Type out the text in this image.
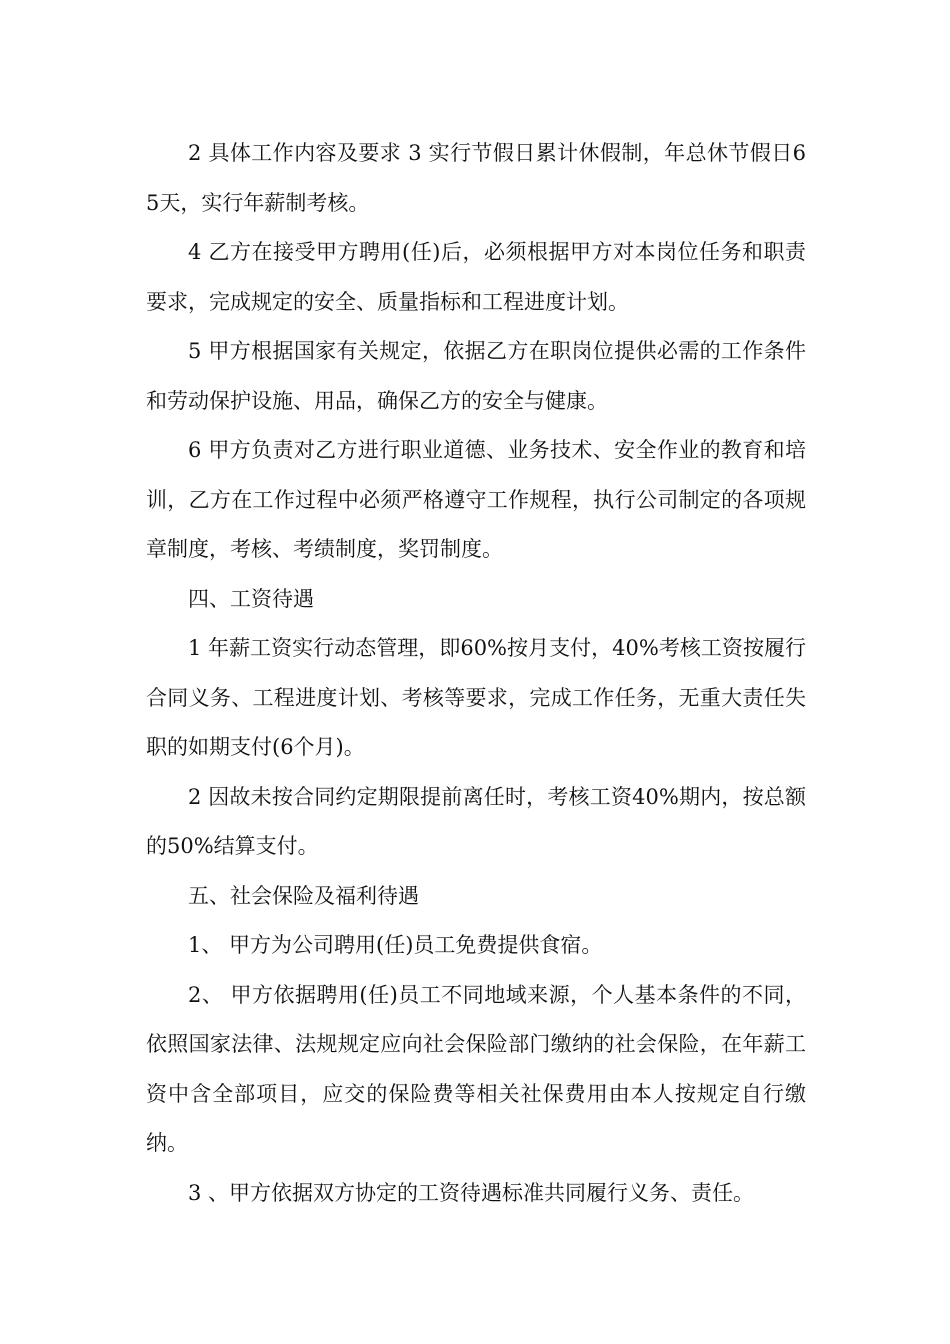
2 具体工作内容及要求 3 实行节假日累计休假制，年总休节假日65天，实行年薪制考核。

4 乙方在接受甲方聘用(任)后，必须根据甲方对本岗位任务和职责要求，完成规定的安全、质量指标和工程进度计划。

5 甲方根据国家有关规定，依据乙方在职岗位提供必需的工作条件和劳动保护设施、用品，确保乙方的安全与健康。

6 甲方负责对乙方进行职业道德、业务技术、安全作业的教育和培训，乙方在工作过程中必须严格遵守工作规程，执行公司制定的各项规章制度，考核、考绩制度，奖罚制度。

四、工资待遇

1 年薪工资实行动态管理，即60%按月支付，40%考核工资按履行合同义务、工程进度计划、考核等要求，完成工作任务，无重大责任失职的如期支付(6个月)。

2 因故未按合同约定期限提前离任时，考核工资40%期内，按总额的50%结算支付。

五、社会保险及福利待遇

1、 甲方为公司聘用(任)员工免费提供食宿。

2、 甲方依据聘用(任)员工不同地域来源，个人基本条件的不同，依照国家法律、法规规定应向社会保险部门缴纳的社会保险，在年薪工资中含全部项目，应交的保险费等相关社保费用由本人按规定自行缴纳。

3 、甲方依据双方协定的工资待遇标准共同履行义务、责任。
